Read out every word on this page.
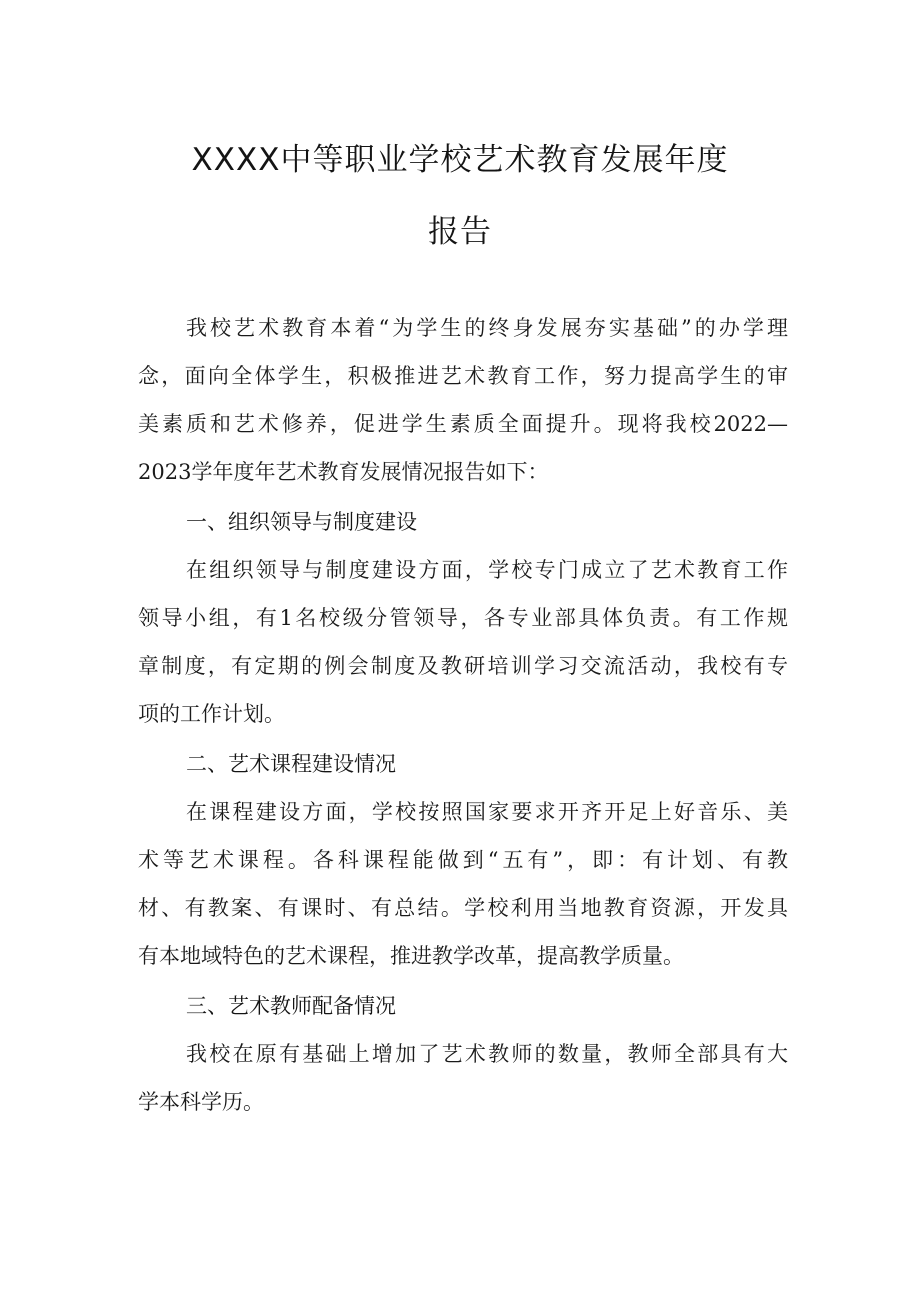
XXXX中等职业学校艺术教育发展年度
报告
我校艺术教育本着“为学生的终身发展夯实基础”的办学理
念，面向全体学生，积极推进艺术教育工作，努力提高学生的审
美素质和艺术修养，促进学生素质全面提升。现将我校2022—
2023学年度年艺术教育发展情况报告如下：
一、组织领导与制度建设
在组织领导与制度建设方面，学校专门成立了艺术教育工作
领导小组，有1名校级分管领导，各专业部具体负责。有工作规
章制度，有定期的例会制度及教研培训学习交流活动，我校有专
项的工作计划。
二、艺术课程建设情况
在课程建设方面，学校按照国家要求开齐开足上好音乐、美
术等艺术课程。各科课程能做到“五有”，即：有计划、有教
材、有教案、有课时、有总结。学校利用当地教育资源，开发具
有本地域特色的艺术课程，推进教学改革，提高教学质量。
三、艺术教师配备情况
我校在原有基础上增加了艺术教师的数量，教师全部具有大
学本科学历。
